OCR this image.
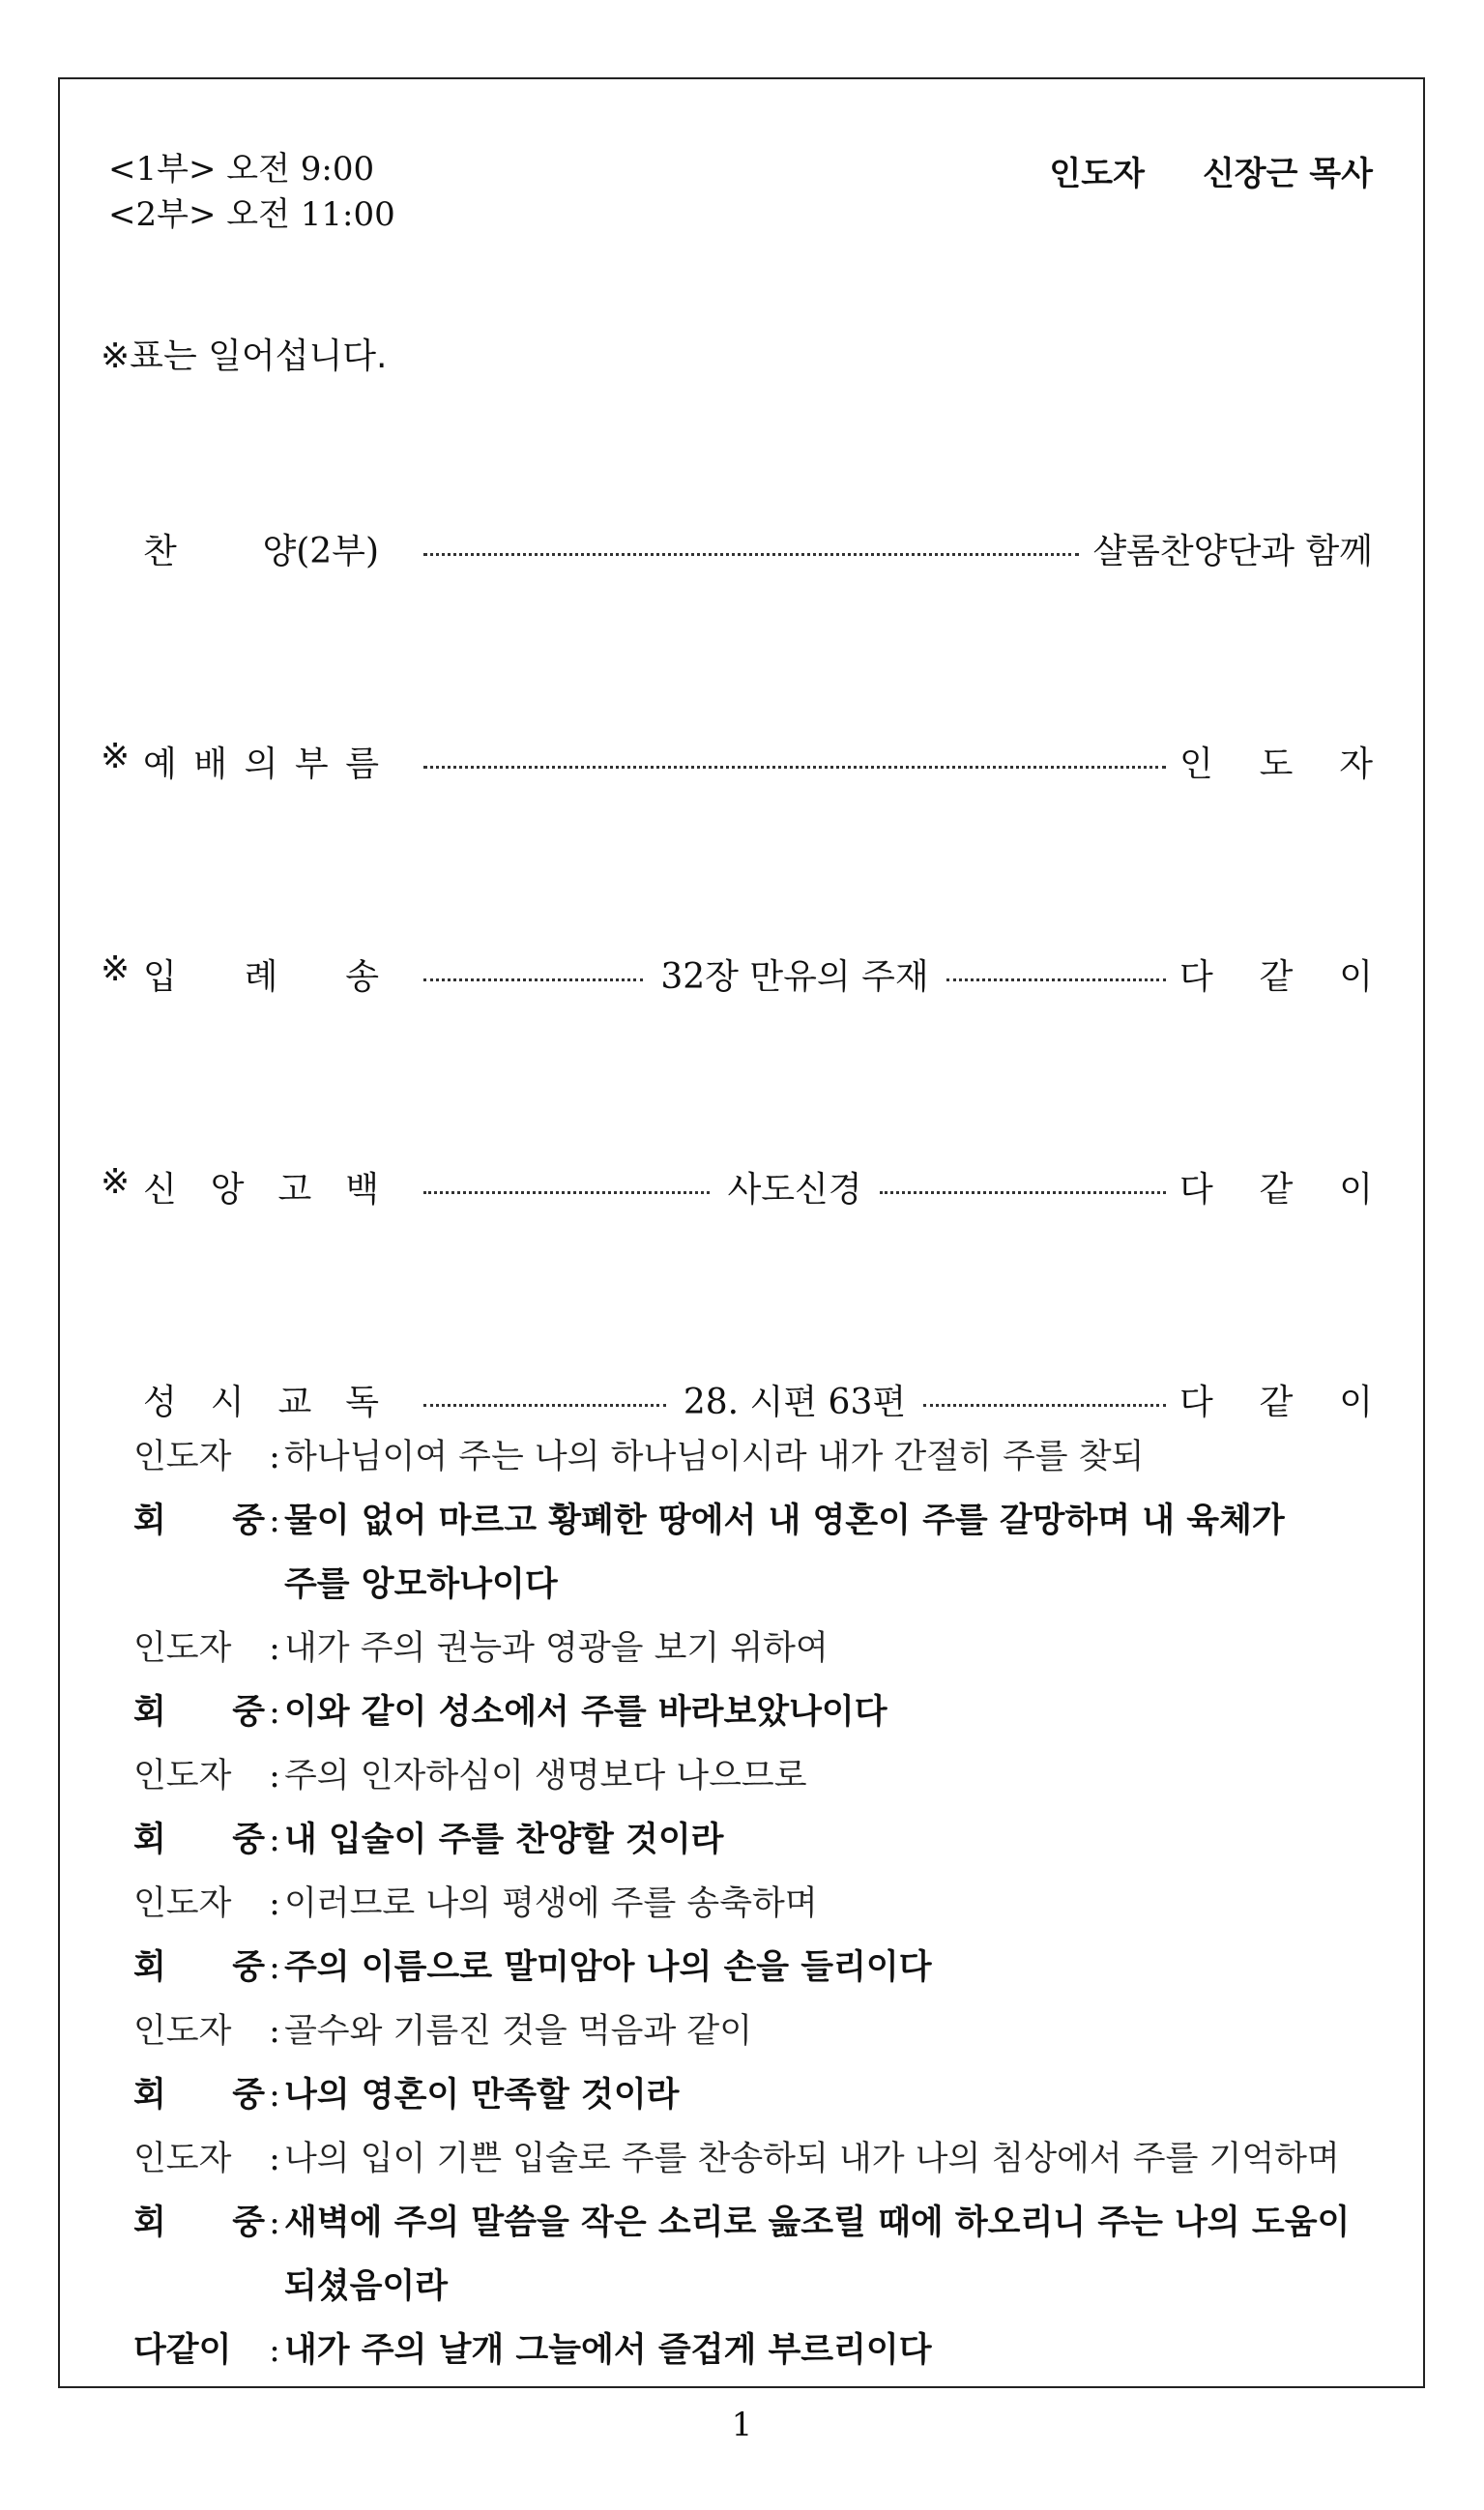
<1부> 오전 9:00
<2부> 오전 11:00
인도자 신장근 목사
※표는 일어섭니다.
찬 양(2부)	샬롬찬양단과 함께
※ 예 배 의 부 름	인 도 자
※ 입 례 송	32장 만유의 주재	다 같 이
※ 신 앙 고 백	사도신경	다 같 이
성 시 교 독	28. 시편 63편	다 같 이
인도자 : 하나님이여 주는 나의 하나님이시라 내가 간절히 주를 찾되
회 중 : 물이 없어 마르고 황폐한 땅에서 내 영혼이 주를 갈망하며 내 육체가
주를 앙모하나이다
인도자 : 내가 주의 권능과 영광을 보기 위하여
회 중 : 이와 같이 성소에서 주를 바라보았나이다
인도자 : 주의 인자하심이 생명보다 나으므로
회 중 : 내 입술이 주를 찬양할 것이라
인도자 : 이러므로 나의 평생에 주를 송축하며
회 중 : 주의 이름으로 말미암아 나의 손을 들리이다
인도자 : 골수와 기름진 것을 먹음과 같이
회 중 : 나의 영혼이 만족할 것이라
인도자 : 나의 입이 기쁜 입술로 주를 찬송하되 내가 나의 침상에서 주를 기억하며
회 중 : 새벽에 주의 말씀을 작은 소리로 읊조릴 때에 하오리니 주는 나의 도움이
되셨음이라
다같이 : 내가 주의 날개 그늘에서 즐겁게 부르리이다
1
